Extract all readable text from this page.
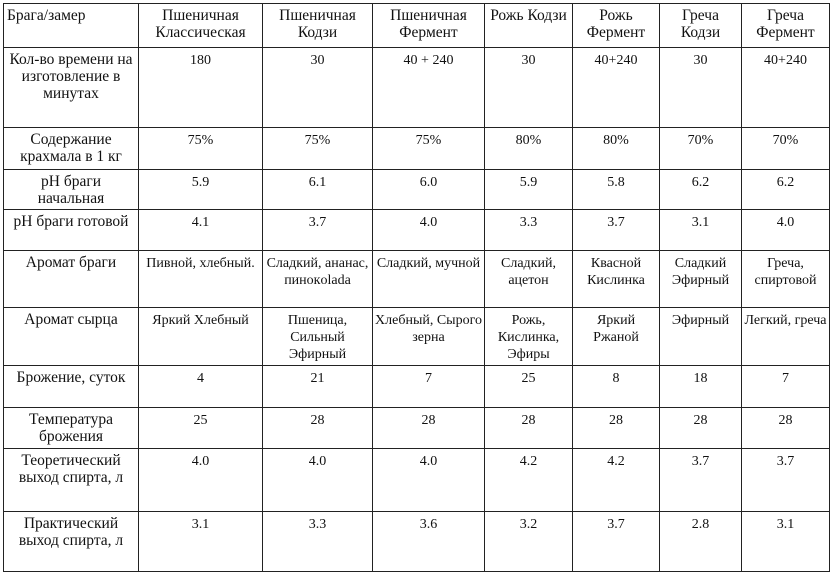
Брага/замер	Пшеничная Классическая	Пшеничная Кодзи	Пшеничная Фермент	Рожь Кодзи	Рожь Фермент	Греча Кодзи	Греча Фермент
Кол-во времени на изготовление в минутах	180	30	40 + 240	30	40+240	30	40+240
Содержание крахмала в 1 кг	75%	75%	75%	80%	80%	70%	70%
pH браги начальная	5.9	6.1	6.0	5.9	5.8	6.2	6.2
pH браги готовой	4.1	3.7	4.0	3.3	3.7	3.1	4.0
Аромат браги	Пивной, хлебный.	Сладкий, ананас, пинокolada	Сладкий, мучной	Сладкий, ацетон	Квасной Кислинка	Сладкий Эфирный	Греча, спиртовой
Аромат сырца	Яркий Хлебный	Пшеница, Сильный Эфирный	Хлебный, Сырого зерна	Рожь, Кислинка, Эфиры	Яркий Ржаной	Эфирный	Легкий, греча
Брожение, суток	4	21	7	25	8	18	7
Температура брожения	25	28	28	28	28	28	28
Теоретический выход спирта, л	4.0	4.0	4.0	4.2	4.2	3.7	3.7
Практический выход спирта, л	3.1	3.3	3.6	3.2	3.7	2.8	3.1
